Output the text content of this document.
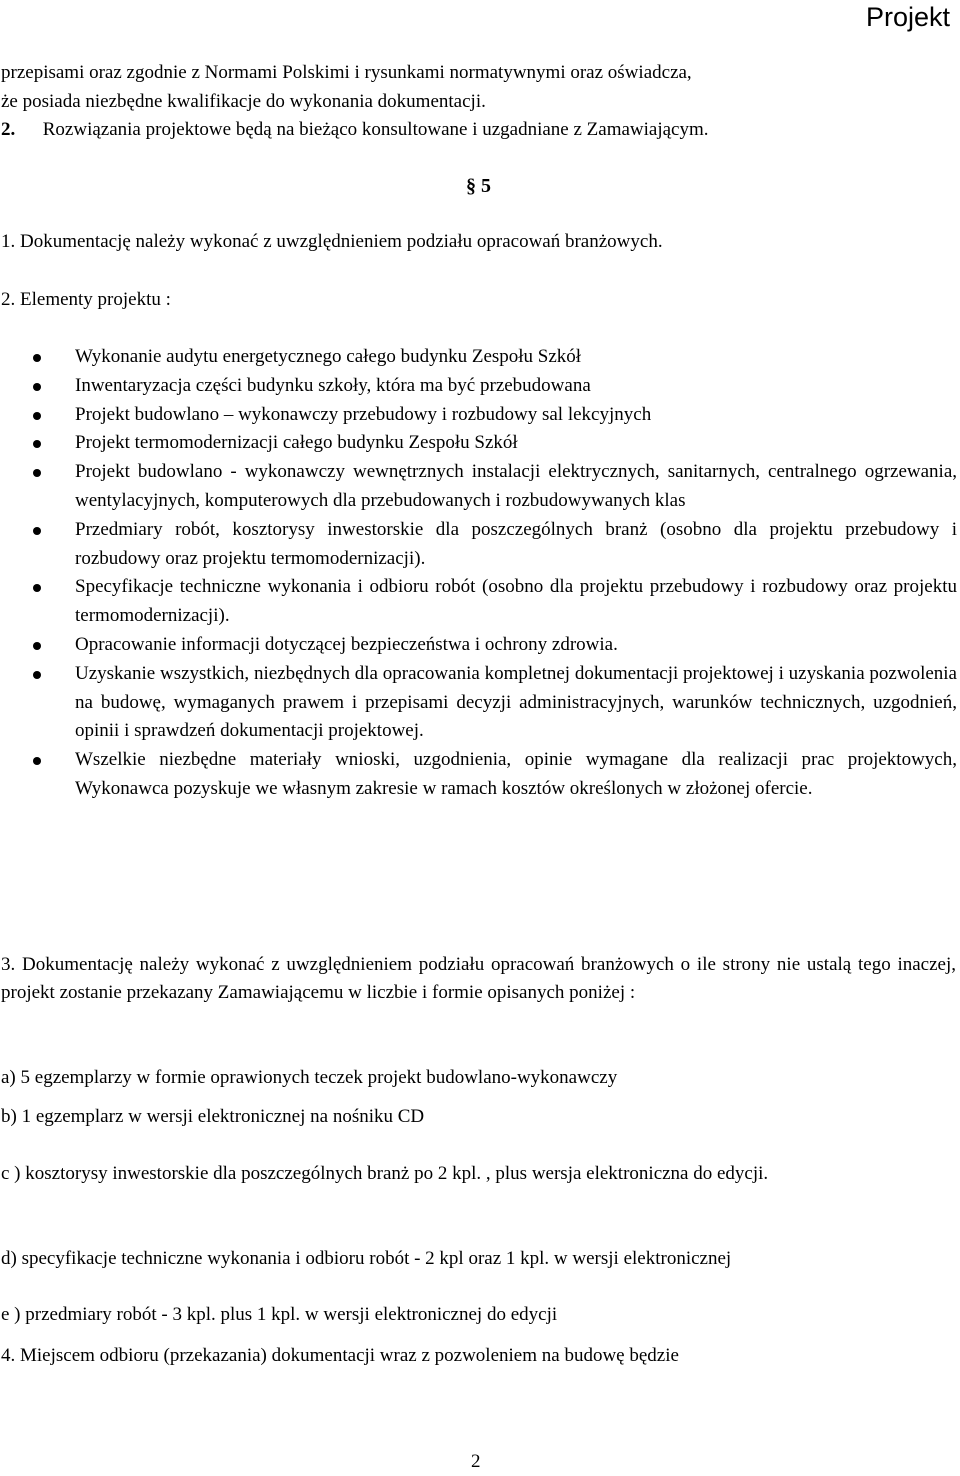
Projekt

przepisami oraz zgodnie z Normami Polskimi i rysunkami normatywnymi oraz oświadcza,

że posiada niezbędne kwalifikacje do wykonania dokumentacji.

2. Rozwiązania projektowe będą na bieżąco konsultowane i uzgadniane z Zamawiającym.

§ 5

1. Dokumentację należy wykonać z uwzględnieniem podziału opracowań branżowych.

2. Elementy projektu :

Wykonanie audytu energetycznego całego budynku Zespołu Szkół
Inwentaryzacja części budynku szkoły, która ma być przebudowana
Projekt budowlano – wykonawczy przebudowy i rozbudowy sal lekcyjnych
Projekt termomodernizacji całego budynku Zespołu Szkół
Projekt budowlano - wykonawczy wewnętrznych instalacji elektrycznych, sanitarnych, centralnego ogrzewania, wentylacyjnych, komputerowych dla przebudowanych i rozbudowywanych klas
Przedmiary robót, kosztorysy inwestorskie dla poszczególnych branż (osobno dla projektu przebudowy i rozbudowy oraz projektu termomodernizacji).
Specyfikacje techniczne wykonania i odbioru robót (osobno dla projektu przebudowy i rozbudowy oraz projektu termomodernizacji).
Opracowanie informacji dotyczącej bezpieczeństwa i ochrony zdrowia.
Uzyskanie wszystkich, niezbędnych dla opracowania kompletnej dokumentacji projektowej i uzyskania pozwolenia na budowę, wymaganych prawem i przepisami decyzji administracyjnych, warunków technicznych, uzgodnień, opinii i sprawdzeń dokumentacji projektowej.
Wszelkie niezbędne materiały wnioski, uzgodnienia, opinie wymagane dla realizacji prac projektowych, Wykonawca pozyskuje we własnym zakresie w ramach kosztów określonych w złożonej ofercie.

3. Dokumentację należy wykonać z uwzględnieniem podziału opracowań branżowych o ile strony nie ustalą tego inaczej, projekt zostanie przekazany Zamawiającemu w liczbie i formie opisanych poniżej :

a) 5 egzemplarzy w formie oprawionych teczek projekt budowlano-wykonawczy

b) 1 egzemplarz w wersji elektronicznej na nośniku CD

c ) kosztorysy inwestorskie dla poszczególnych branż po 2 kpl. , plus wersja elektroniczna do edycji.

d) specyfikacje techniczne wykonania i odbioru robót - 2 kpl oraz 1 kpl. w wersji elektronicznej

e ) przedmiary robót - 3 kpl. plus 1 kpl. w wersji elektronicznej do edycji

4. Miejscem odbioru (przekazania) dokumentacji wraz z pozwoleniem na budowę będzie

2
